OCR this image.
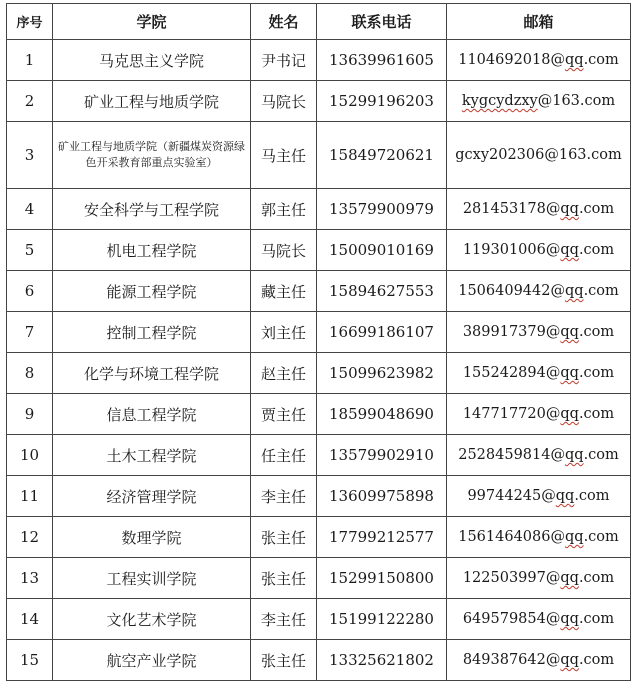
序号	学院	姓名	联系电话	邮箱
1	马克思主义学院	尹书记	13639961605	1104692018@qq.com
2	矿业工程与地质学院	马院长	15299196203	kygcydzxy@163.com
3	矿业工程与地质学院（新疆煤炭资源绿色开采教育部重点实验室）	马主任	15849720621	gcxy202306@163.com
4	安全科学与工程学院	郭主任	13579900979	281453178@qq.com
5	机电工程学院	马院长	15009010169	119301006@qq.com
6	能源工程学院	藏主任	15894627553	1506409442@qq.com
7	控制工程学院	刘主任	16699186107	389917379@qq.com
8	化学与环境工程学院	赵主任	15099623982	155242894@qq.com
9	信息工程学院	贾主任	18599048690	147717720@qq.com
10	土木工程学院	任主任	13579902910	2528459814@qq.com
11	经济管理学院	李主任	13609975898	99744245@qq.com
12	数理学院	张主任	17799212577	1561464086@qq.com
13	工程实训学院	张主任	15299150800	122503997@qq.com
14	文化艺术学院	李主任	15199122280	649579854@qq.com
15	航空产业学院	张主任	13325621802	849387642@qq.com
